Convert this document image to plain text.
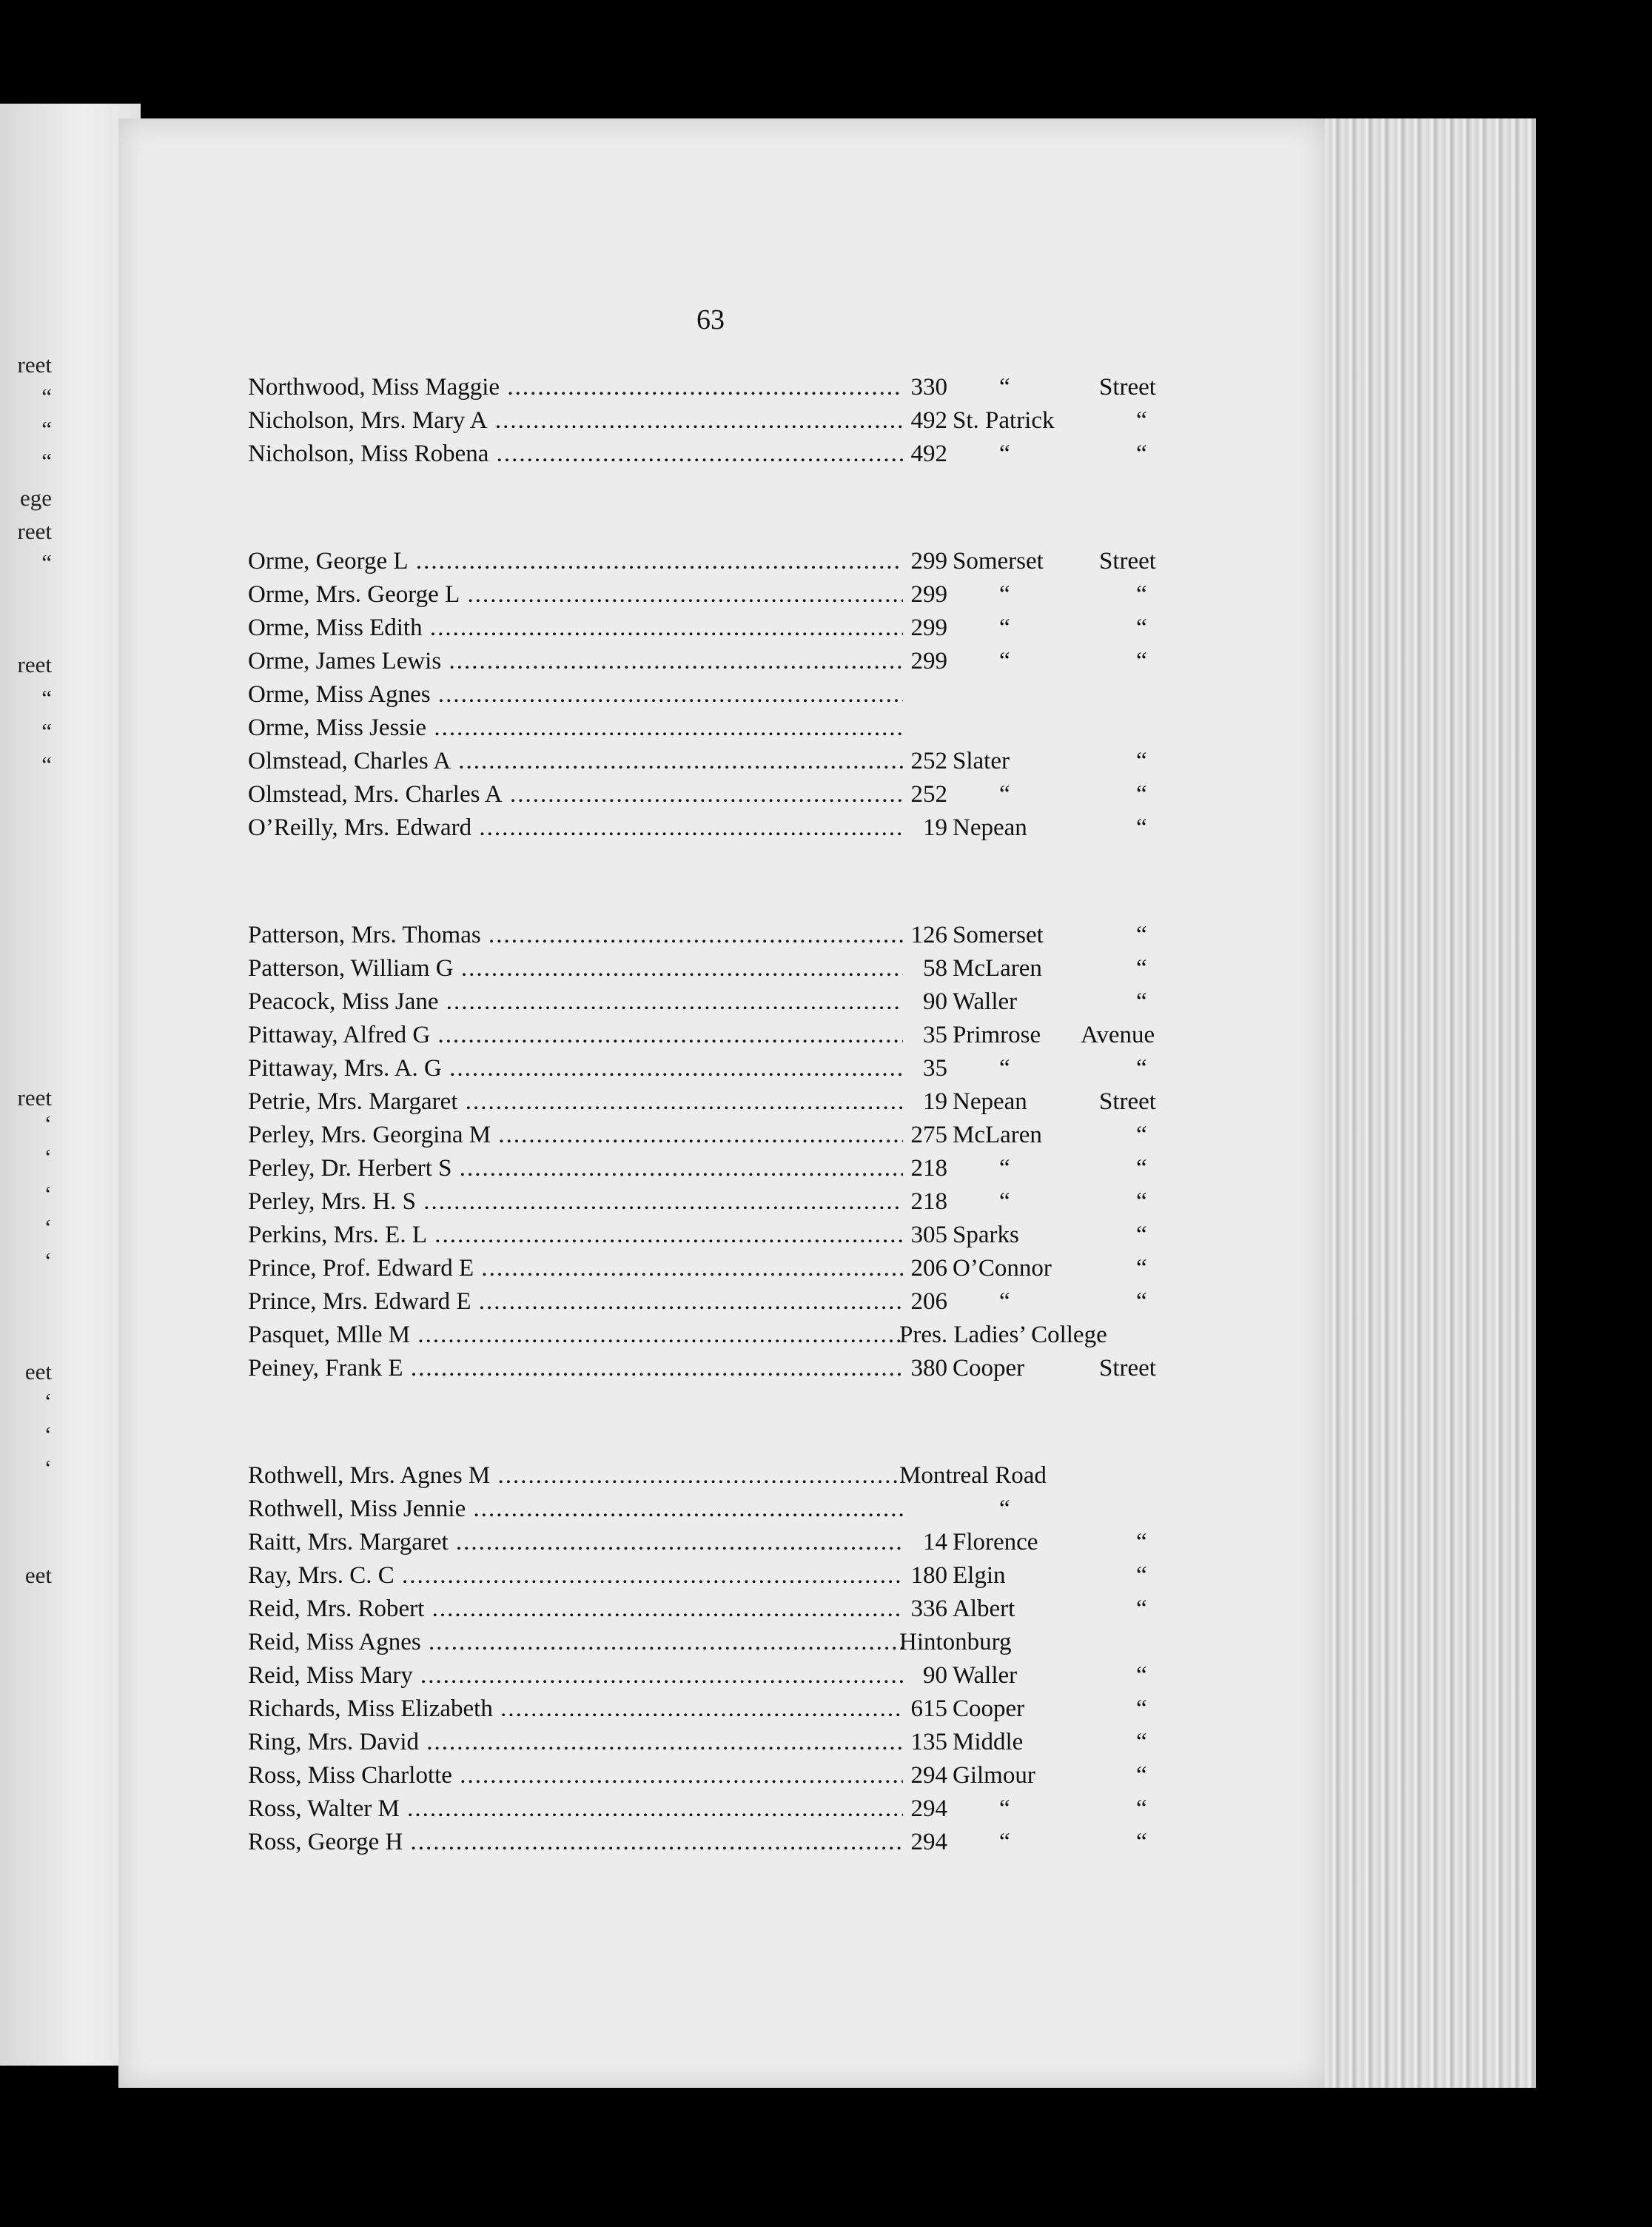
reet
“
“
“
ege
reet
“
reet
“
“
“
reet
‘
‘
‘
‘
‘
eet
‘
‘
‘
eet
63
Northwood, Miss Maggie .....	330 “	Street
Nicholson, Mrs. Mary A .....	492 St. Patrick	“
Nicholson, Miss Robena .....	492 “	“
Orme, George L .....	299 Somerset Street
Orme, Mrs. George L .....	299 “	“
Orme, Miss Edith .....	299 “	“
Orme, James Lewis .....	299 “	“
Orme, Miss Agnes .....
Orme, Miss Jessie .....
Olmstead, Charles A .....	252 Slater	“
Olmstead, Mrs. Charles A .....	252 “	“
O’Reilly, Mrs. Edward .....	19 Nepean	“
Patterson, Mrs. Thomas .....	126 Somerset	“
Patterson, William G .....	58 McLaren	“
Peacock, Miss Jane .....	90 Waller	“
Pittaway, Alfred G .....	35 Primrose Avenue
Pittaway, Mrs. A. G .....	35 “	“
Petrie, Mrs. Margaret .....	19 Nepean	Street
Perley, Mrs. Georgina M .....	275 McLaren	“
Perley, Dr. Herbert S .....	218 “	“
Perley, Mrs. H. S .....	218 “	“
Perkins, Mrs. E. L .....	305 Sparks	“
Prince, Prof. Edward E .....	206 O’Connor	“
Prince, Mrs. Edward E .....	206 “	“
Pasquet, Mlle M .....	Pres. Ladies’ College
Peiney, Frank E .....	380 Cooper	Street
Rothwell, Mrs. Agnes M .....	Montreal Road
Rothwell, Miss Jennie .....	“
Raitt, Mrs. Margaret .....	14 Florence	“
Ray, Mrs. C. C .....	180 Elgin	“
Reid, Mrs. Robert .....	336 Albert	“
Reid, Miss Agnes .....	Hintonburg
Reid, Miss Mary .....	90 Waller	“
Richards, Miss Elizabeth .....	615 Cooper	“
Ring, Mrs. David .....	135 Middle	“
Ross, Miss Charlotte .....	294 Gilmour	“
Ross, Walter M .....	294 “	“
Ross, George H .....	294 “	“
